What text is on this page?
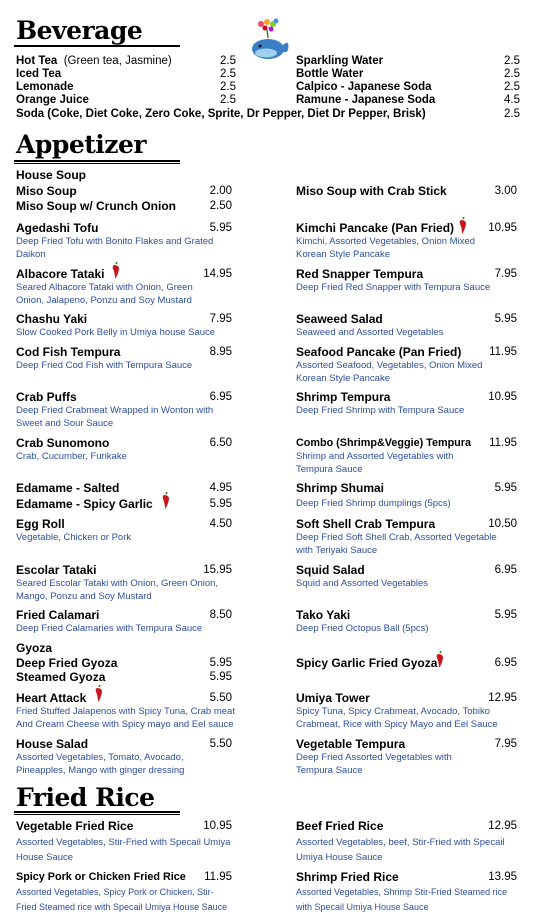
Beverage
Hot Tea (Green tea, Jasmine)	2.5
Iced Tea	2.5
Lemonade	2.5
Orange Juice	2.5
Sparkling Water	2.5
Bottle Water	2.5
Calpico - Japanese Soda	2.5
Ramune - Japanese Soda	4.5
Soda (Coke, Diet Coke, Zero Coke, Sprite, Dr Pepper, Diet Dr Pepper, Brisk)	2.5
Appetizer
House Soup
Miso Soup	2.00
Miso Soup w/ Crunch Onion	2.50
Miso Soup with Crab Stick	3.00
Agedashi Tofu	5.95
Deep Fried Tofu with Bonito Flakes and Grated Daikon
Albacore Tataki	14.95
Seared Albacore Tataki with Onion, Green Onion, Jalapeno, Ponzu and Soy Mustard
Chashu Yaki	7.95
Slow Cooked Pork Belly in Umiya house Sauce
Cod Fish Tempura	8.95
Deep Fried Cod Fish with Tempura Sauce
Crab Puffs	6.95
Deep Fried Crabmeat Wrapped in Wonton with Sweet and Sour Sauce
Crab Sunomono	6.50
Crab, Cucumber, Furikake
Edamame - Salted	4.95
Edamame - Spicy Garlic	5.95
Egg Roll	4.50
Vegetable, Chicken or Pork
Escolar Tataki	15.95
Seared Escolar Tataki with Onion, Green Onion, Mango, Ponzu and Soy Mustard
Fried Calamari	8.50
Deep Fried Calamaries with Tempura Sauce
Gyoza
Deep Fried Gyoza	5.95
Steamed Gyoza	5.95
Heart Attack	5.50
Fried Stuffed Jalapenos with Spicy Tuna, Crab meat And Cream Cheese with Spicy mayo and Eel sauce
House Salad	5.50
Assorted Vegetables, Tomato, Avocado, Pineapples, Mango with ginger dressing
Kimchi Pancake (Pan Fried)	10.95
Kimchi, Assorted Vegetables, Onion Mixed Korean Style Pancake
Red Snapper Tempura	7.95
Deep Fried Red Snapper with Tempura Sauce
Seaweed Salad	5.95
Seaweed and Assorted Vegetables
Seafood Pancake (Pan Fried)	11.95
Assorted Seafood, Vegetables, Onion Mixed Korean Style Pancake
Shrimp Tempura	10.95
Deep Fried Shrimp with Tempura Sauce
Combo (Shrimp&Veggie) Tempura	11.95
Shrimp and Assorted Vegetables with Tempura Sauce
Shrimp Shumai	5.95
Deep Fried Shrimp dumplings (5pcs)
Soft Shell Crab Tempura	10.50
Deep Fried Soft Shell Crab, Assorted Vegetable with Teriyaki Sauce
Squid Salad	6.95
Squid and Assorted Vegetables
Tako Yaki	5.95
Deep Fried Octopus Ball (5pcs)
Spicy Garlic Fried Gyoza	6.95
Umiya Tower	12.95
Spicy Tuna, Spicy Crabmeat, Avocado, Tobiko Crabmeat, Rice with Spicy Mayo and Eel Sauce
Vegetable Tempura	7.95
Deep Fried Assorted Vegetables with Tempura Sauce
Fried Rice
Vegetable Fried Rice	10.95
Assorted Vegetables, Stir-Fried with Specail Umiya House Sauce
Beef Fried Rice	12.95
Assorted Vegetables, beef, Stir-Fried with Specail Umiya House Sauce
Spicy Pork or Chicken Fried Rice	11.95
Assorted Vegetables, Spicy Pork or Chicken, Stir-Fried Steamed rice with Specail Umiya House Sauce
Shrimp Fried Rice	13.95
Assorted Vegetables, Shrimp Stir-Fried Steamed rice with Specail Umiya House Sauce
